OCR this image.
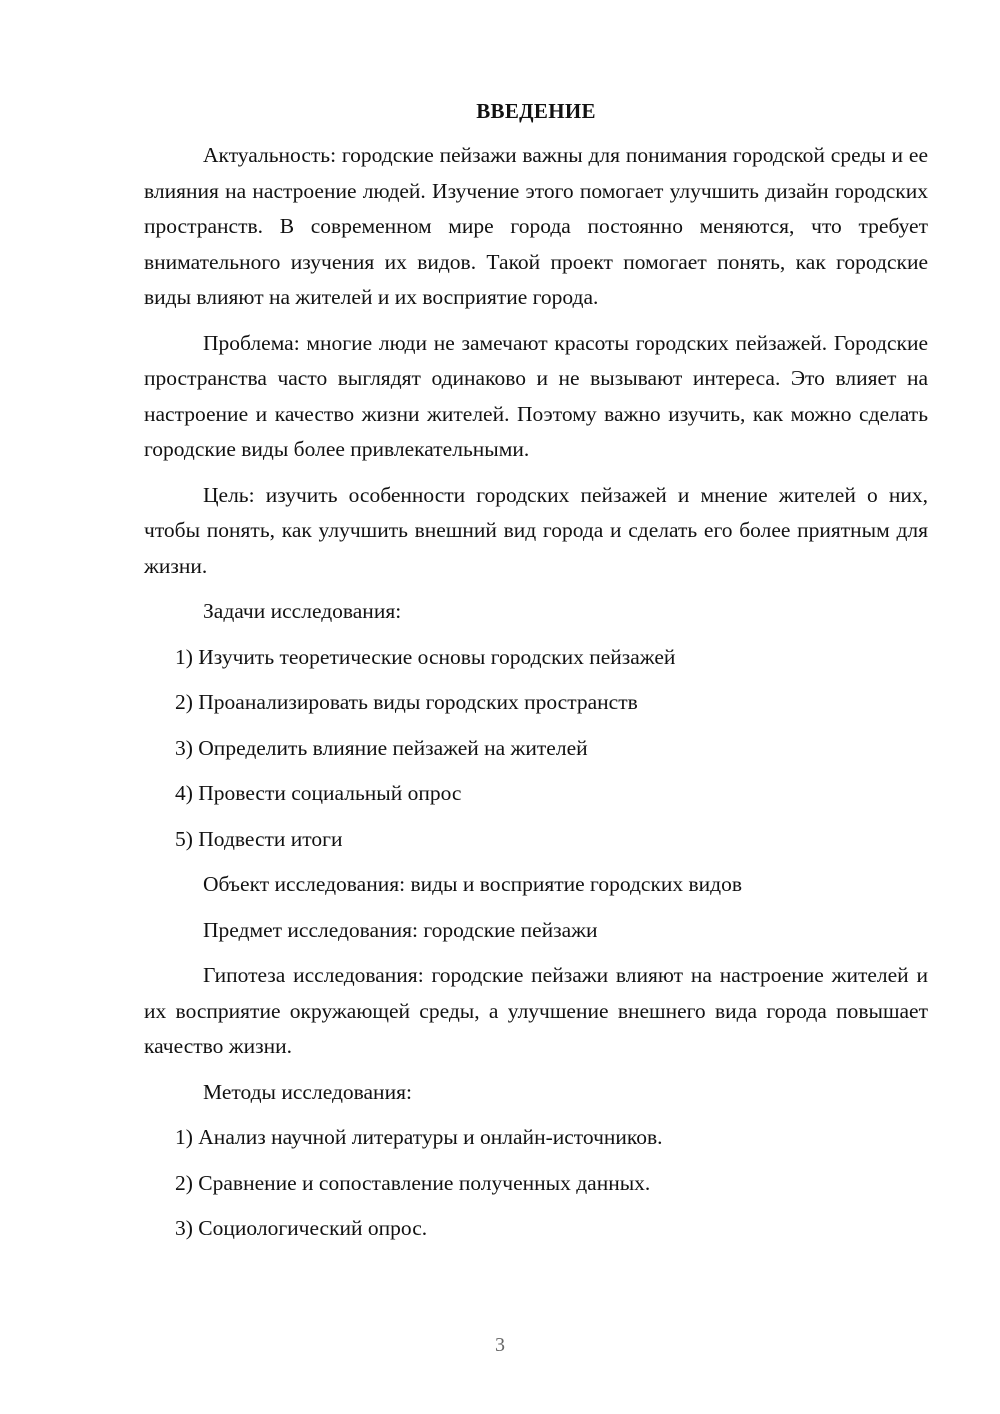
ВВЕДЕНИЕ

Актуальность: городские пейзажи важны для понимания городской среды и ее влияния на настроение людей. Изучение этого помогает улучшить дизайн городских пространств. В современном мире города постоянно меняются, что требует внимательного изучения их видов. Такой проект помогает понять, как городские виды влияют на жителей и их восприятие города.

Проблема: многие люди не замечают красоты городских пейзажей. Городские пространства часто выглядят одинаково и не вызывают интереса. Это влияет на настроение и качество жизни жителей. Поэтому важно изучить, как можно сделать городские виды более привлекательными.

Цель: изучить особенности городских пейзажей и мнение жителей о них, чтобы понять, как улучшить внешний вид города и сделать его более приятным для жизни.

Задачи исследования:
1) Изучить теоретические основы городских пейзажей
2) Проанализировать виды городских пространств
3) Определить влияние пейзажей на жителей
4) Провести социальный опрос
5) Подвести итоги
Объект исследования: виды и восприятие городских видов
Предмет исследования: городские пейзажи

Гипотеза исследования: городские пейзажи влияют на настроение жителей и их восприятие окружающей среды, а улучшение внешнего вида города повышает качество жизни.

Методы исследования:
1) Анализ научной литературы и онлайн-источников.
2) Сравнение и сопоставление полученных данных.
3) Социологический опрос.
3
